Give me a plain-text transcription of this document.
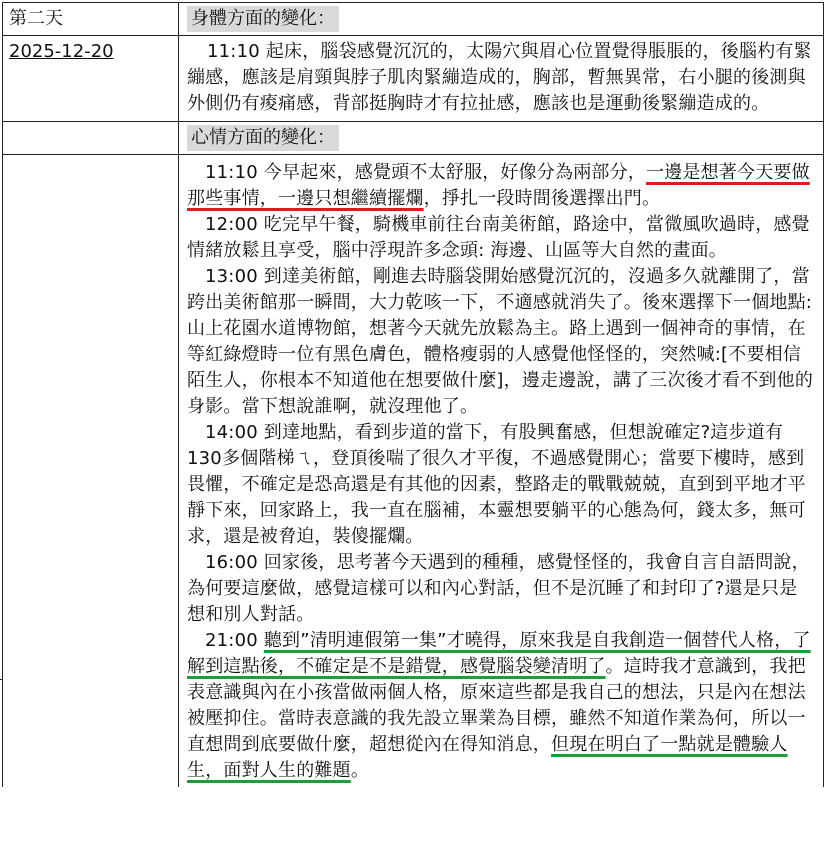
第二天	身體方面的變化：
2025-12-20	11:10 起床，腦袋感覺沉沉的，太陽穴與眉心位置覺得脹脹的，後腦杓有緊繃感，應該是肩頸與脖子肌肉緊繃造成的，胸部，暫無異常，右小腿的後測與外側仍有痠痛感，背部挺胸時才有拉扯感，應該也是運動後緊繃造成的。

心情方面的變化：

11:10 今早起來，感覺頭不太舒服，好像分為兩部分，一邊是想著今天要做那些事情，一邊只想繼續擺爛，掙扎一段時間後選擇出門。

12:00 吃完早午餐，騎機車前往台南美術館，路途中，當微風吹過時，感覺情緒放鬆且享受，腦中浮現許多念頭: 海邊、山區等大自然的畫面。

13:00 到達美術館，剛進去時腦袋開始感覺沉沉的，沒過多久就離開了，當跨出美術館那一瞬間，大力乾咳一下，不適感就消失了。後來選擇下一個地點:山上花園水道博物館，想著今天就先放鬆為主。路上遇到一個神奇的事情，在等紅綠燈時一位有黑色膚色，體格瘦弱的人感覺他怪怪的，突然喊:[不要相信陌生人，你根本不知道他在想要做什麼]，邊走邊說，講了三次後才看不到他的身影。當下想說誰啊，就沒理他了。

14:00 到達地點，看到步道的當下，有股興奮感，但想說確定?這步道有130多個階梯ㄟ，登頂後喘了很久才平復，不過感覺開心；當要下樓時，感到畏懼，不確定是恐高還是有其他的因素，整路走的戰戰兢兢，直到到平地才平靜下來，回家路上，我一直在腦補，本靈想要躺平的心態為何，錢太多，無可求，還是被脅迫，裝傻擺爛。

16:00 回家後，思考著今天遇到的種種，感覺怪怪的，我會自言自語問說，為何要這麼做，感覺這樣可以和內心對話，但不是沉睡了和封印了?還是只是想和別人對話。

21:00 聽到”清明連假第一集”才曉得，原來我是自我創造一個替代人格，了解到這點後，不確定是不是錯覺，感覺腦袋變清明了。這時我才意識到，我把表意識與內在小孩當做兩個人格，原來這些都是我自己的想法，只是內在想法被壓抑住。當時表意識的我先設立畢業為目標，雖然不知道作業為何，所以一直想問到底要做什麼，超想從內在得知消息，但現在明白了一點就是體驗人生，面對人生的難題。
